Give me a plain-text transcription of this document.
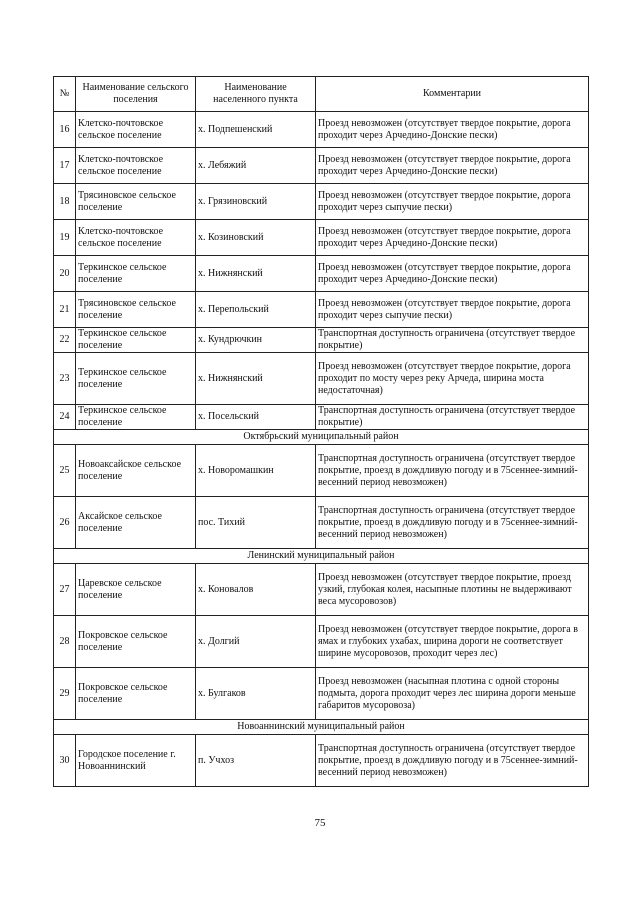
№	Наименование сельского поселения	Наименование населенного пункта	Комментарии
16	Клетско-почтовское сельское поселение	х. Подпешенский	Проезд невозможен (отсутствует твердое покрытие, дорога проходит через Арчедино-Донские пески)
17	Клетско-почтовское сельское поселение	х. Лебяжий	Проезд невозможен (отсутствует твердое покрытие, дорога проходит через Арчедино-Донские пески)
18	Трясиновское сельское поселение	х. Грязиновский	Проезд невозможен (отсутствует твердое покрытие, дорога проходит через сыпучие пески)
19	Клетско-почтовское сельское поселение	х. Козиновский	Проезд невозможен (отсутствует твердое покрытие, дорога проходит через Арчедино-Донские пески)
20	Теркинское сельское поселение	х. Нижнянский	Проезд невозможен (отсутствует твердое покрытие, дорога проходит через Арчедино-Донские пески)
21	Трясиновское сельское поселение	х. Перепольский	Проезд невозможен (отсутствует твердое покрытие, дорога проходит через сыпучие пески)
22	Теркинское сельское поселение	х. Кундрючкин	Транспортная доступность ограничена (отсутствует твердое покрытие)
23	Теркинское сельское поселение	х. Нижнянский	Проезд невозможен (отсутствует твердое покрытие, дорога проходит по мосту через реку Арчеда, ширина моста недостаточная)
24	Теркинское сельское поселение	х. Посельский	Транспортная доступность ограничена (отсутствует твердое покрытие)
Октябрьский муниципальный район			
25	Новоаксайское сельское поселение	х. Новоромашкин	Транспортная доступность ограничена (отсутствует твердое покрытие, проезд в дождливую погоду и в 75сеннее-зимний-весенний период невозможен)
26	Аксайское сельское поселение	пос. Тихий	Транспортная доступность ограничена (отсутствует твердое покрытие, проезд в дождливую погоду и в 75сеннее-зимний-весенний период невозможен)
Ленинский муниципальный район			
27	Царевское сельское поселение	х. Коновалов	Проезд невозможен (отсутствует твердое покрытие, проезд узкий, глубокая колея, насыпные плотины не выдерживают веса мусоровозов)
28	Покровское сельское поселение	х. Долгий	Проезд невозможен (отсутствует твердое покрытие, дорога в ямах и глубоких ухабах, ширина дороги не соответствует ширине мусоровозов, проходит через лес)
29	Покровское сельское поселение	х. Булгаков	Проезд невозможен (насыпная плотина с одной стороны подмыта, дорога проходит через лес ширина дороги меньше габаритов мусоровоза)
Новоаннинский муниципальный район			
30	Городское поселение г. Новоаннинский	п. Учхоз	Транспортная доступность ограничена (отсутствует твердое покрытие, проезд в дождливую погоду и в 75сеннее-зимний-весенний период невозможен)
75
